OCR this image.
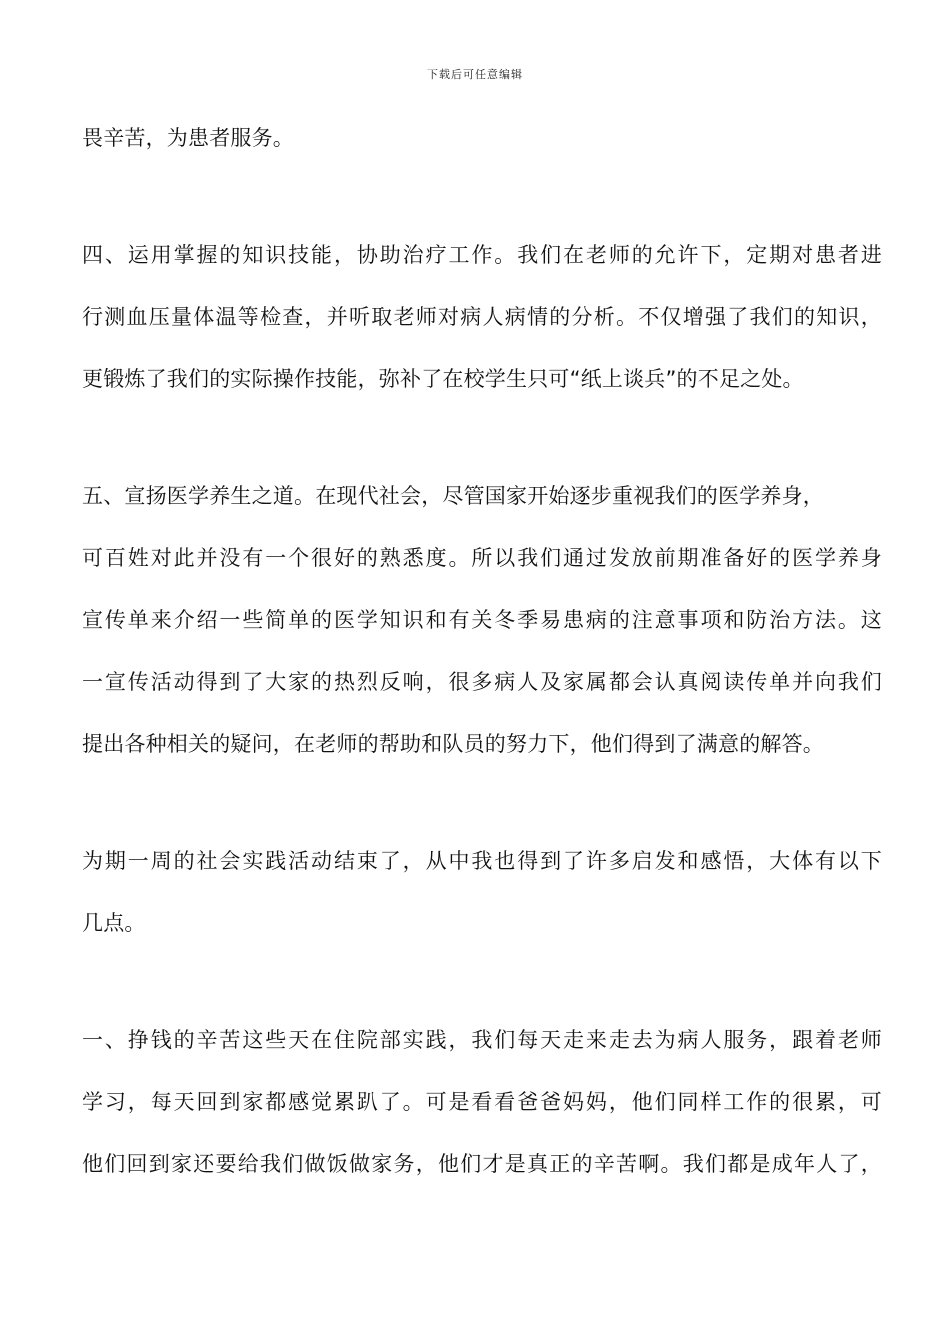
下载后可任意编辑
畏辛苦，为患者服务。
四、运用掌握的知识技能，协助治疗工作。我们在老师的允许下，定期对患者进
行测血压量体温等检查，并听取老师对病人病情的分析。不仅增强了我们的知识，
更锻炼了我们的实际操作技能，弥补了在校学生只可“纸上谈兵”的不足之处。
五、宣扬医学养生之道。在现代社会，尽管国家开始逐步重视我们的医学养身，
可百姓对此并没有一个很好的熟悉度。所以我们通过发放前期准备好的医学养身
宣传单来介绍一些简单的医学知识和有关冬季易患病的注意事项和防治方法。这
一宣传活动得到了大家的热烈反响，很多病人及家属都会认真阅读传单并向我们
提出各种相关的疑问，在老师的帮助和队员的努力下，他们得到了满意的解答。
为期一周的社会实践活动结束了，从中我也得到了许多启发和感悟，大体有以下
几点。
一、挣钱的辛苦这些天在住院部实践，我们每天走来走去为病人服务，跟着老师
学习，每天回到家都感觉累趴了。可是看看爸爸妈妈，他们同样工作的很累，可
他们回到家还要给我们做饭做家务，他们才是真正的辛苦啊。我们都是成年人了，
